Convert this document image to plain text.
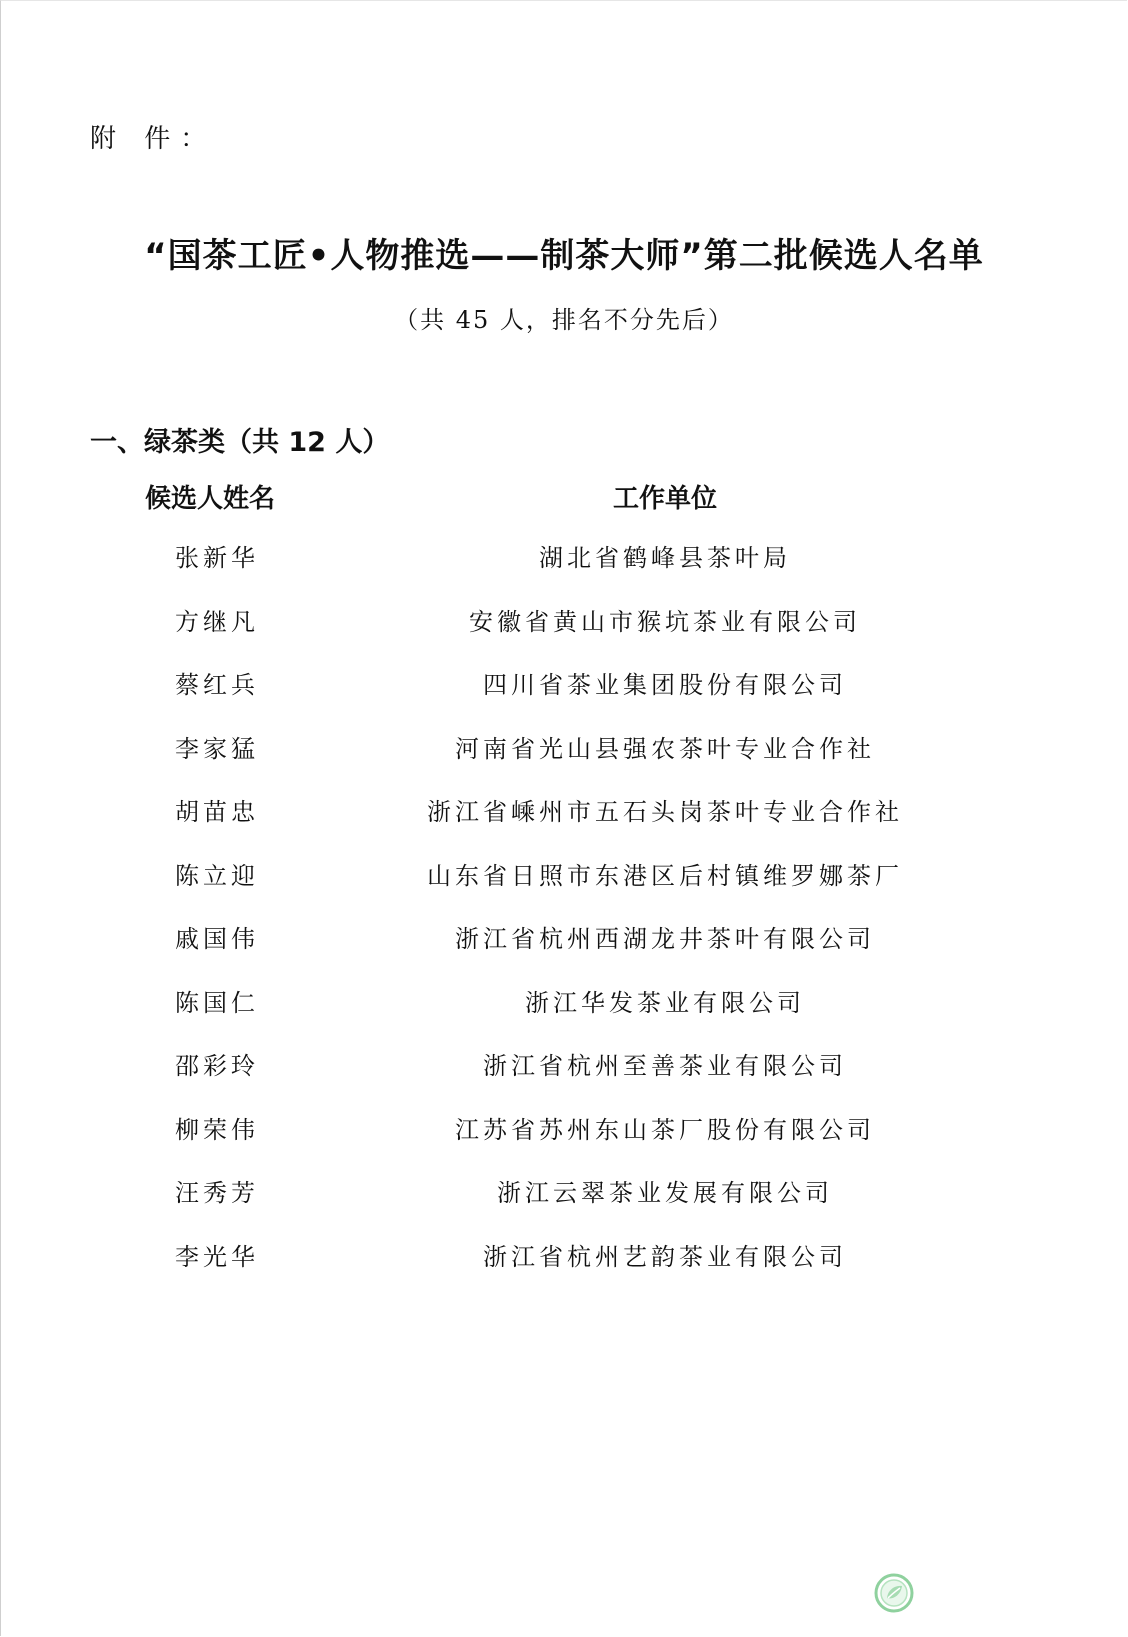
附 件：
“国茶工匠•人物推选——制茶大师”第二批候选人名单
（共 45 人，排名不分先后）
一、绿茶类（共 12 人）
候选人姓名	工作单位
张新华	湖北省鹤峰县茶叶局
方继凡	安徽省黄山市猴坑茶业有限公司
蔡红兵	四川省茶业集团股份有限公司
李家猛	河南省光山县强农茶叶专业合作社
胡苗忠	浙江省嵊州市五石头岗茶叶专业合作社
陈立迎	山东省日照市东港区后村镇维罗娜茶厂
戚国伟	浙江省杭州西湖龙井茶叶有限公司
陈国仁	浙江华发茶业有限公司
邵彩玲	浙江省杭州至善茶业有限公司
柳荣伟	江苏省苏州东山茶厂股份有限公司
汪秀芳	浙江云翠茶业发展有限公司
李光华	浙江省杭州艺韵茶业有限公司
